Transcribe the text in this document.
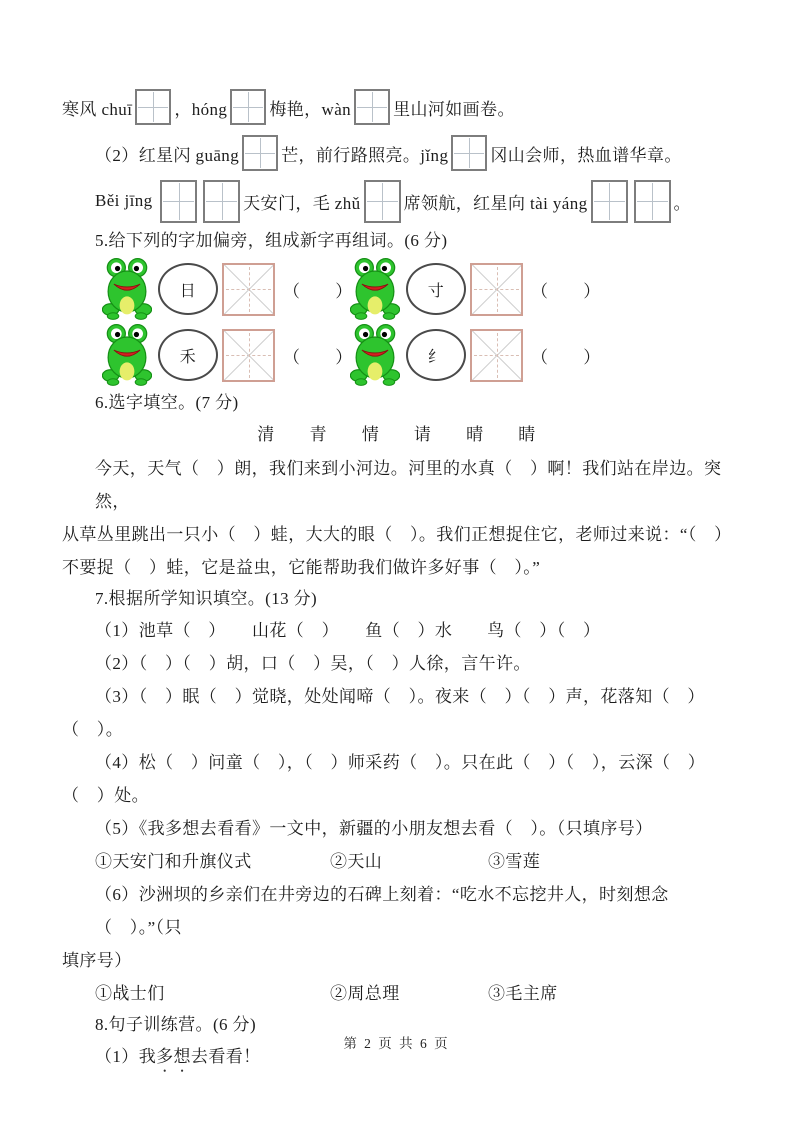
寒风 chuī ，hóng 梅艳，wàn 里山河如画卷。
（2）红星闪 guāng 芒，前行路照亮。jǐng 冈山会师，热血谱华章。
Běi jīng	天安门，毛 zhǔ	席领航，红星向 tài yáng	。
5.给下列的字加偏旁，组成新字再组词。(6 分)
日	（　　）	寸	（　　）
禾	（　　）	纟	（　　）
6.选字填空。(7 分)
清　　青　　情　　请　　晴　　睛
今天，天气（　）朗，我们来到小河边。河里的水真（　）啊！我们站在岸边。突然，
从草丛里跳出一只小（　）蛙，大大的眼（　）。我们正想捉住它，老师过来说：“（　）
不要捉（　）蛙，它是益虫，它能帮助我们做许多好事（　）。”
7.根据所学知识填空。(13 分)
（1）池草（　）　　山花（　）　　鱼（　）水　　鸟（　）（　）
（2）（　）（　）胡，口（　）吴，（　）人徐，言午许。
（3）（　）眠（　）觉晓，处处闻啼（　）。夜来（　）（　）声，花落知（　）
（　）。
（4）松（　）问童（　），（　）师采药（　）。只在此（　）（　），云深（　）
（　）处。
（5）《我多想去看看》一文中，新疆的小朋友想去看（　）。（只填序号）
①天安门和升旗仪式	②天山	③雪莲
（6）沙洲坝的乡亲们在井旁边的石碑上刻着：“吃水不忘挖井人，时刻想念（　）。”（只
填序号）
①战士们	②周总理	③毛主席
8.句子训练营。(6 分)
（1）我多想去看看！
第 2 页 共 6 页
